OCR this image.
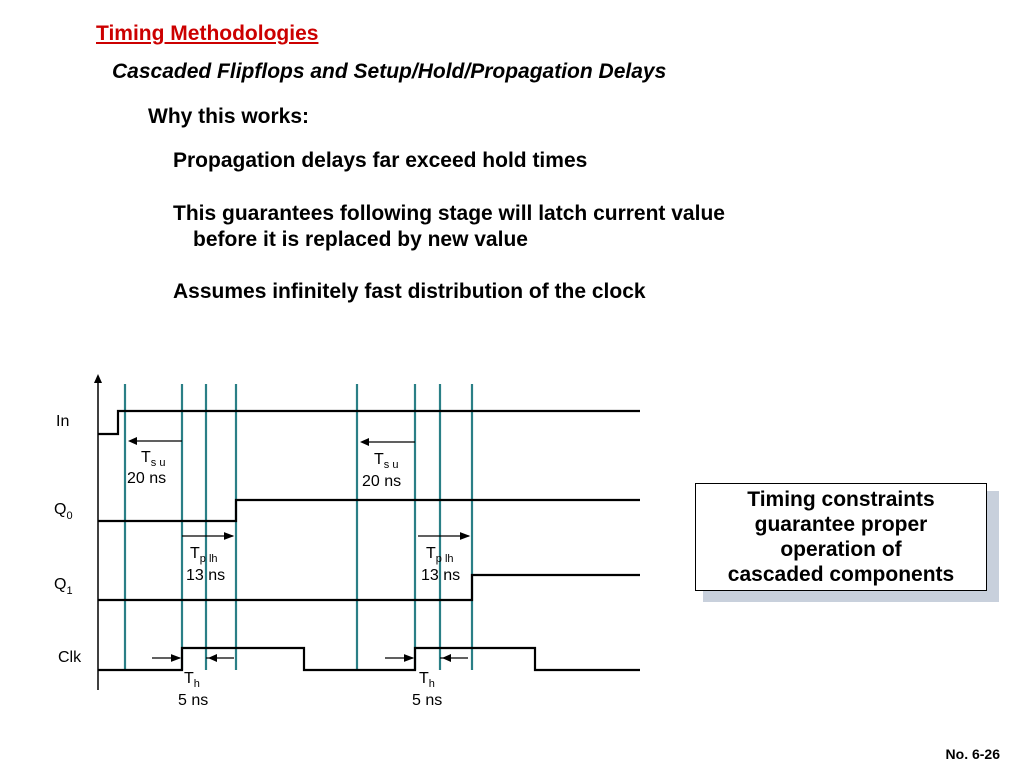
Timing Methodologies
Cascaded Flipflops and Setup/Hold/Propagation Delays
Why this works:
Propagation delays far exceed hold times
This guarantees following stage will latch current value
before it is replaced by new value
Assumes infinitely fast distribution of the clock
In
$Q_0$
$Q_1$
Clk
$T_{s u}$
20 ns
$T_{s u}$
20 ns
$T_{p lh}$
13 ns
$T_{p lh}$
13 ns
$T_h$
5 ns
$T_h$
5 ns
Timing constraints
guarantee proper
operation of
cascaded components
No. 6-26
